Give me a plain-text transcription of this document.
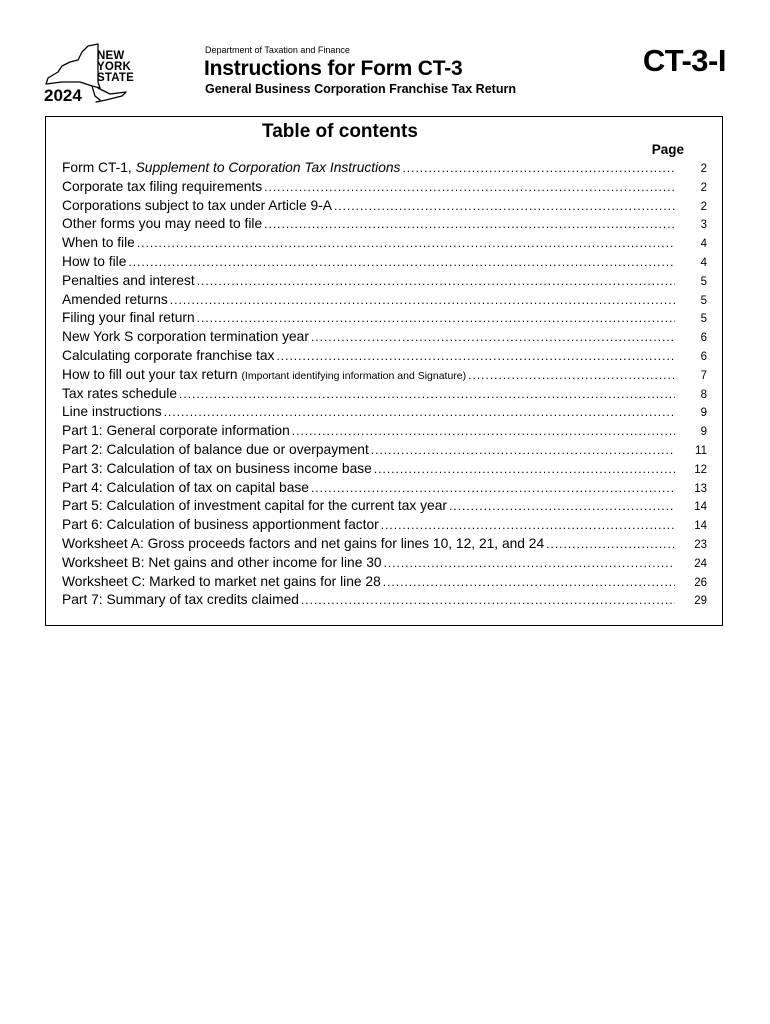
NEW
YORK
STATE
2024
Department of Taxation and Finance
Instructions for Form CT-3
General Business Corporation Franchise Tax Return
CT-3-I
Table of contents
Page
Form CT-1, Supplement to Corporation Tax Instructions .....	2
Corporate tax filing requirements .....	2
Corporations subject to tax under Article 9-A .....	2
Other forms you may need to file .....	3
When to file .....	4
How to file .....	4
Penalties and interest .....	5
Amended returns .....	5
Filing your final return .....	5
New York S corporation termination year .....	6
Calculating corporate franchise tax .....	6
How to fill out your tax return (Important identifying information and Signature) .....	7
Tax rates schedule .....	8
Line instructions .....	9
Part 1: General corporate information .....	9
Part 2: Calculation of balance due or overpayment .....	11
Part 3: Calculation of tax on business income base .....	12
Part 4: Calculation of tax on capital base .....	13
Part 5: Calculation of investment capital for the current tax year .....	14
Part 6: Calculation of business apportionment factor .....	14
Worksheet A: Gross proceeds factors and net gains for lines 10, 12, 21, and 24 .....	23
Worksheet B: Net gains and other income for line 30 .....	24
Worksheet C: Marked to market net gains for line 28 .....	26
Part 7: Summary of tax credits claimed .....	29
